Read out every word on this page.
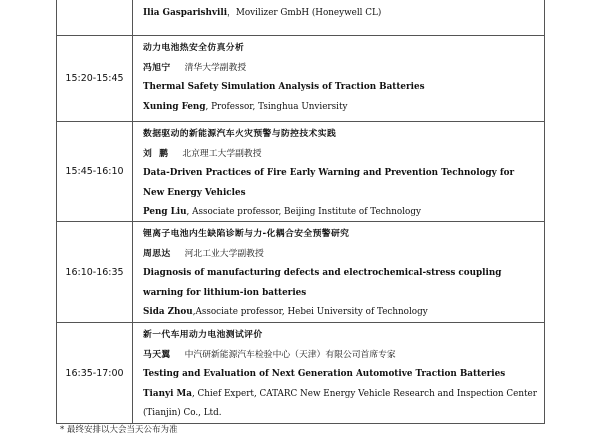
Ilia Gasparishvili，Movilizer GmbH (Honeywell CL)
15:20-15:45
动力电池热安全仿真分析
冯旭宁 清华大学副教授
Thermal Safety Simulation Analysis of Traction Batteries
Xuning Feng, Professor, Tsinghua Unviersity
15:45-16:10
数据驱动的新能源汽车火灾预警与防控技术实践
刘  鹏 北京理工大学副教授
Data-Driven Practices of Fire Early Warning and Prevention Technology for New Energy Vehicles
Peng Liu, Associate professor, Beijing Institute of Technology
16:10-16:35
锂离子电池内生缺陷诊断与力-化耦合安全预警研究
周思达 河北工业大学副教授
Diagnosis of manufacturing defects and electrochemical-stress coupling warning for lithium-ion batteries
Sida Zhou,Associate professor, Hebei University of Technology
16:35-17:00
新一代车用动力电池测试评价
马天翼 中汽研新能源汽车检验中心（天津）有限公司首席专家
Testing and Evaluation of Next Generation Automotive Traction Batteries
Tianyi Ma, Chief Expert, CATARC New Energy Vehicle Research and Inspection Center (Tianjin) Co., Ltd.
* 最终安排以大会当天公布为准
